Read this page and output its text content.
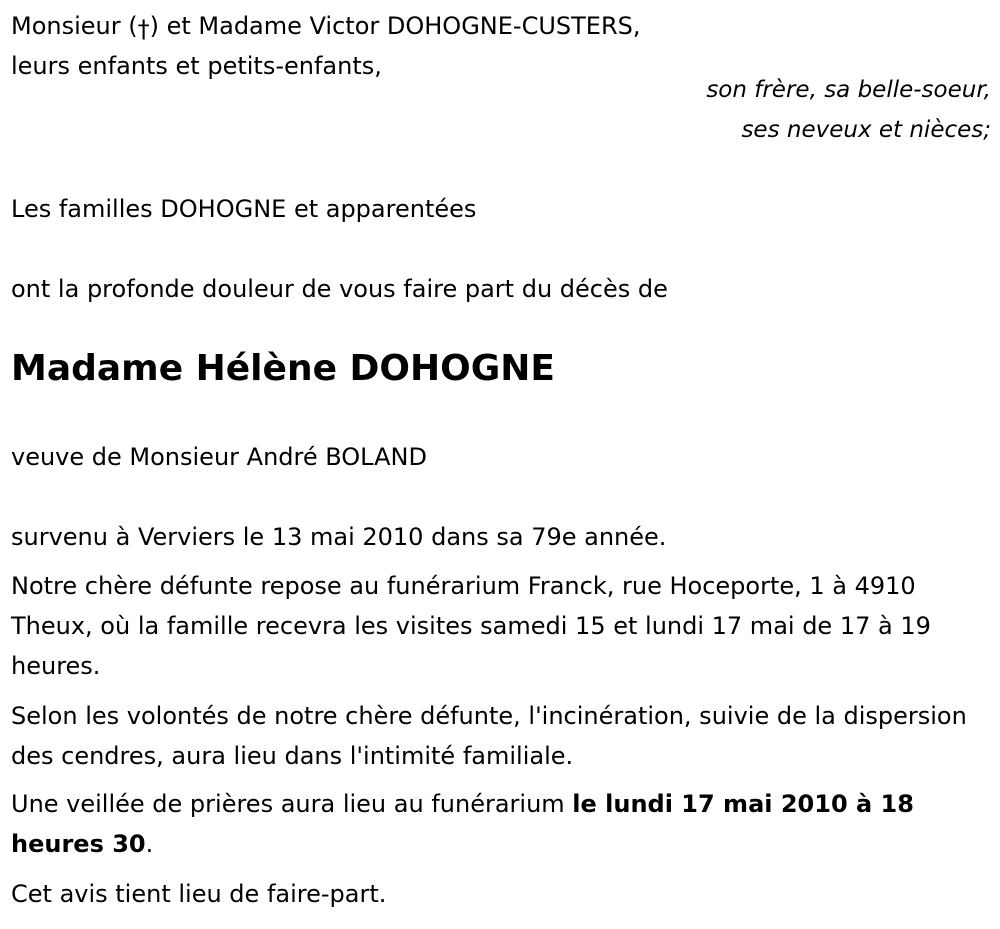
Monsieur (†) et Madame Victor DOHOGNE-CUSTERS,
leurs enfants et petits-enfants,
son frère, sa belle-soeur, ses neveux et nièces;
Les familles DOHOGNE et apparentées
ont la profonde douleur de vous faire part du décès de
Madame Hélène DOHOGNE
veuve de Monsieur André BOLAND
survenu à Verviers le 13 mai 2010 dans sa 79e année.
Notre chère défunte repose au funérarium Franck, rue Hoceporte, 1 à 4910 Theux, où la famille recevra les visites samedi 15 et lundi 17 mai de 17 à 19 heures.
Selon les volontés de notre chère défunte, l'incinération, suivie de la dispersion des cendres, aura lieu dans l'intimité familiale.
Une veillée de prières aura lieu au funérarium le lundi 17 mai 2010 à 18 heures 30.
Cet avis tient lieu de faire-part.
